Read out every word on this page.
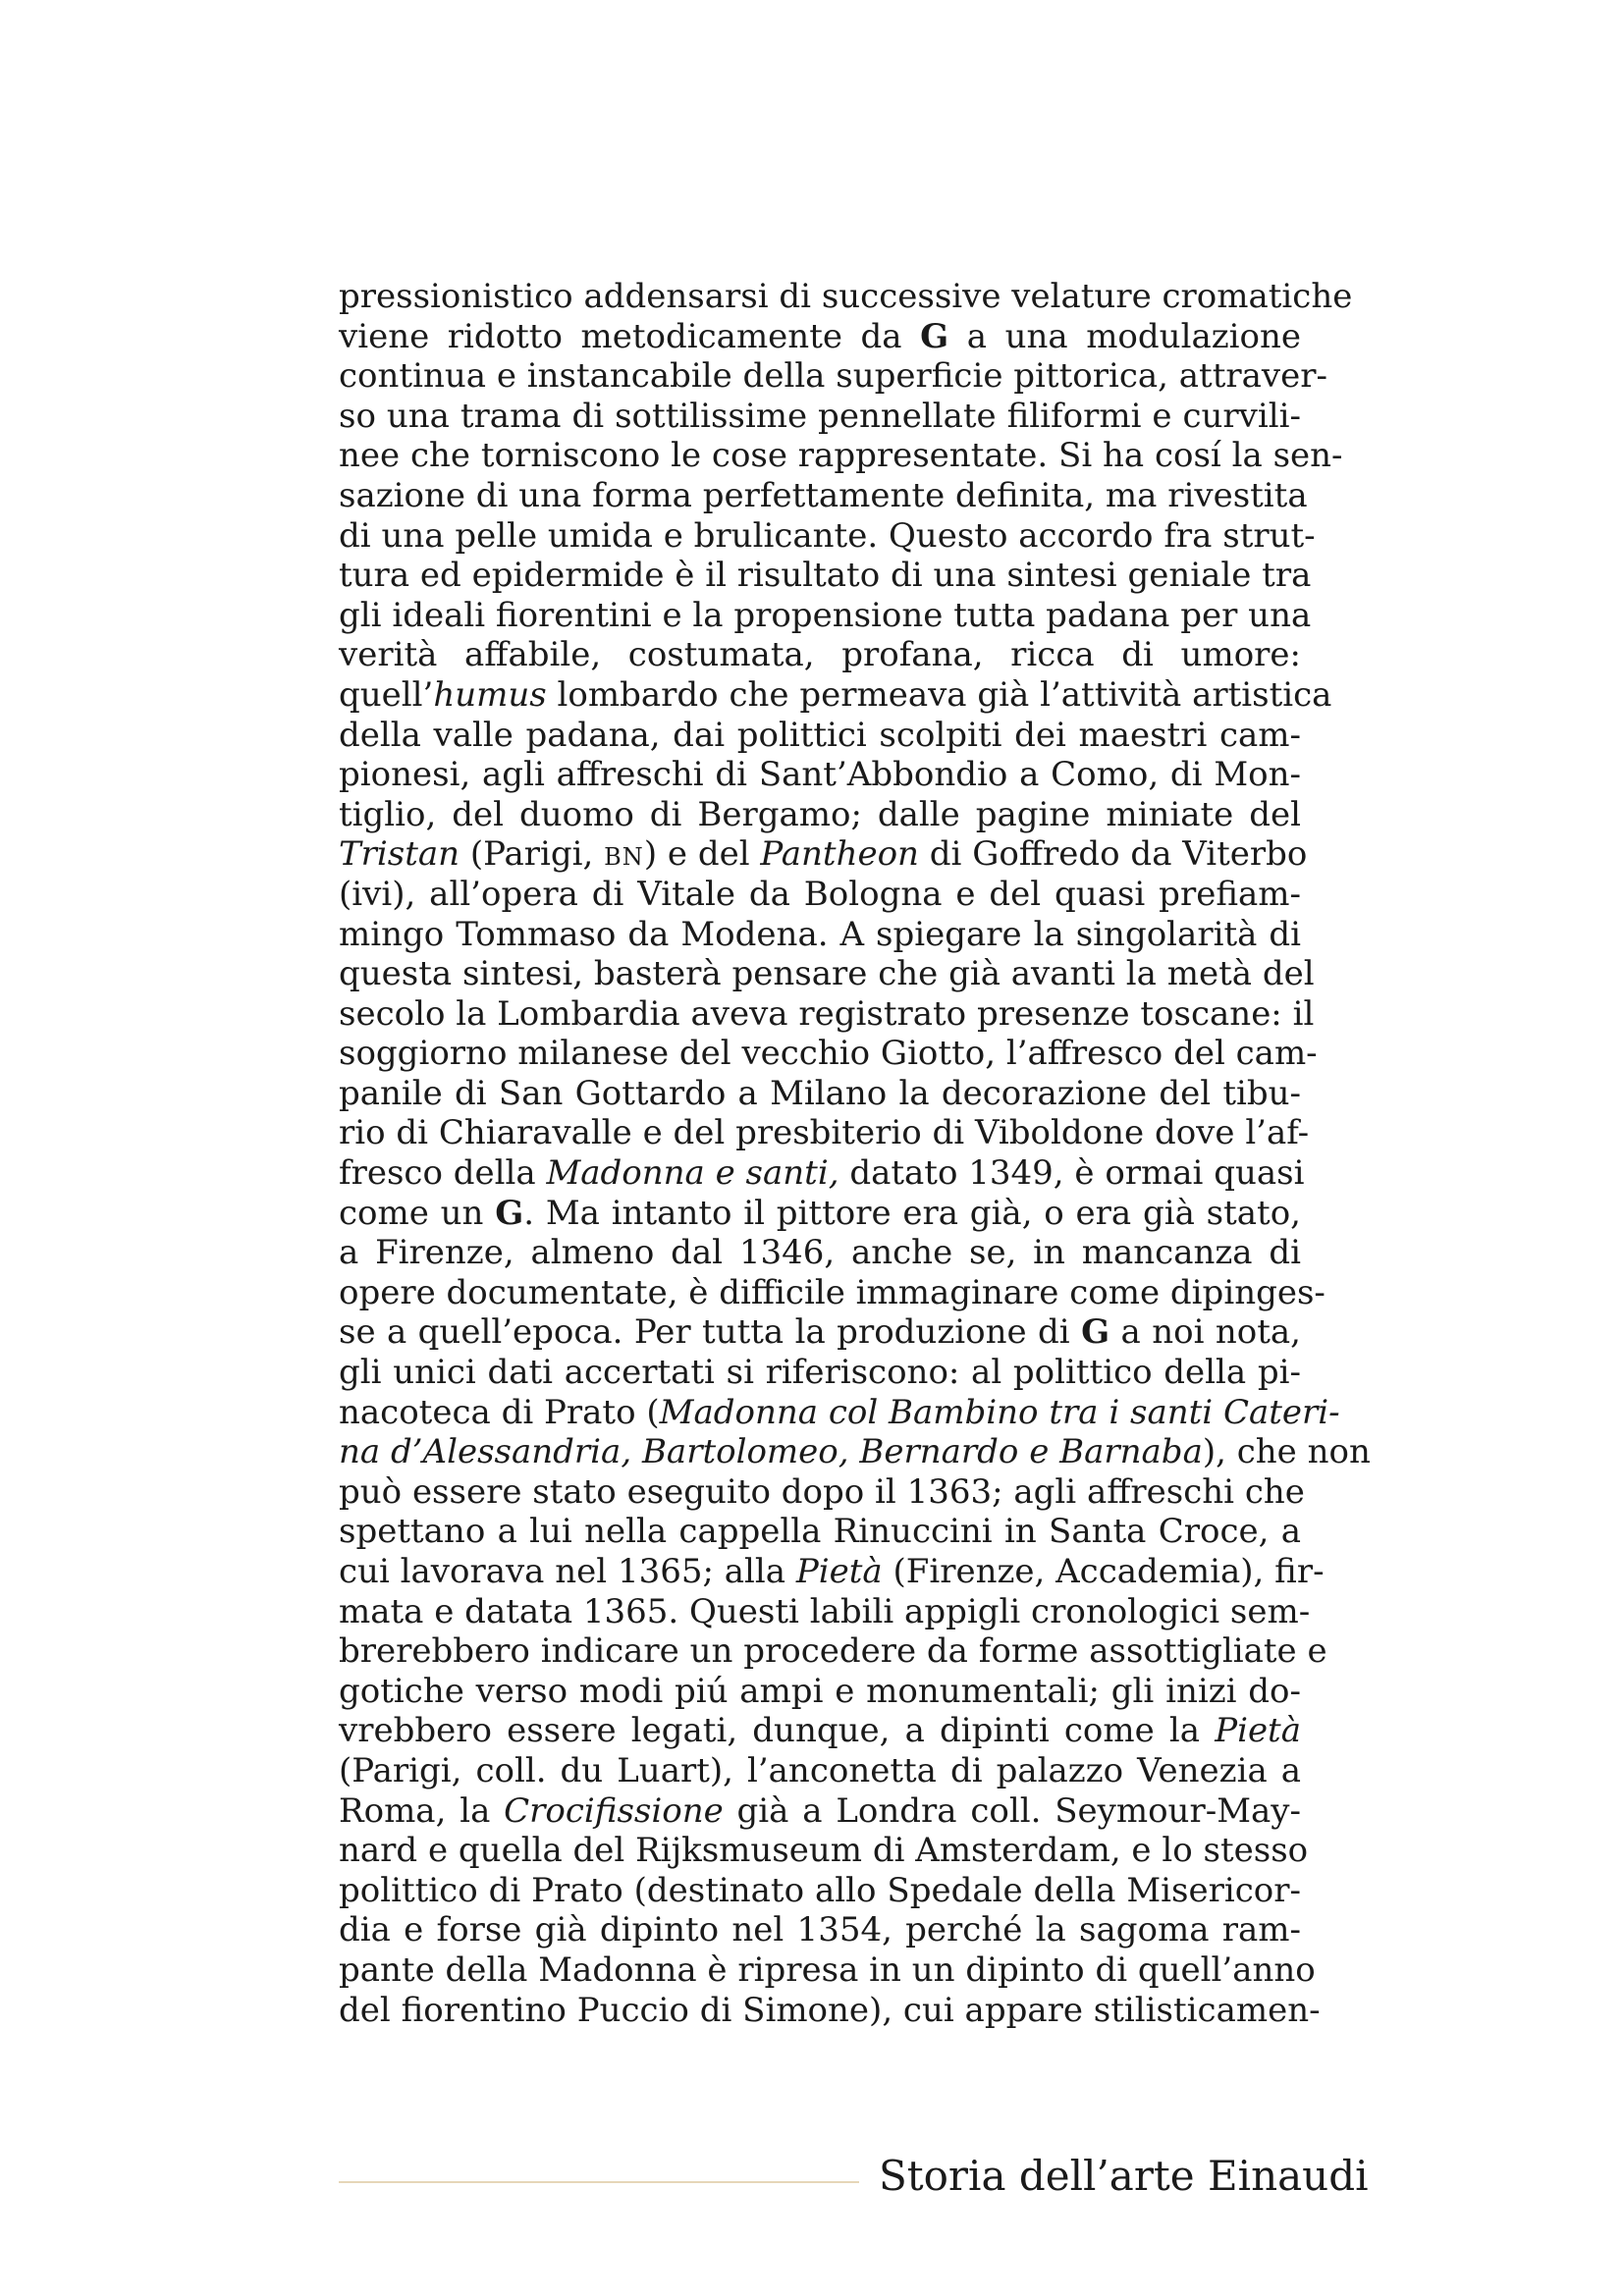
pressionistico addensarsi di successive velature cromatiche
viene ridotto metodicamente da G a una modulazione
continua e instancabile della superficie pittorica, attraver-
so una trama di sottilissime pennellate filiformi e curvili-
nee che torniscono le cose rappresentate. Si ha cosí la sen-
sazione di una forma perfettamente definita, ma rivestita
di una pelle umida e brulicante. Questo accordo fra strut-
tura ed epidermide è il risultato di una sintesi geniale tra
gli ideali fiorentini e la propensione tutta padana per una
verità affabile, costumata, profana, ricca di umore:
quell’humus lombardo che permeava già l’attività artistica
della valle padana, dai polittici scolpiti dei maestri cam-
pionesi, agli affreschi di Sant’Abbondio a Como, di Mon-
tiglio, del duomo di Bergamo; dalle pagine miniate del
Tristan (Parigi, bn) e del Pantheon di Goffredo da Viterbo
(ivi), all’opera di Vitale da Bologna e del quasi prefiam-
mingo Tommaso da Modena. A spiegare la singolarità di
questa sintesi, basterà pensare che già avanti la metà del
secolo la Lombardia aveva registrato presenze toscane: il
soggiorno milanese del vecchio Giotto, l’affresco del cam-
panile di San Gottardo a Milano la decorazione del tibu-
rio di Chiaravalle e del presbiterio di Viboldone dove l’af-
fresco della Madonna e santi, datato 1349, è ormai quasi
come un G. Ma intanto il pittore era già, o era già stato,
a Firenze, almeno dal 1346, anche se, in mancanza di
opere documentate, è difficile immaginare come dipinges-
se a quell’epoca. Per tutta la produzione di G a noi nota,
gli unici dati accertati si riferiscono: al polittico della pi-
nacoteca di Prato (Madonna col Bambino tra i santi Cateri-
na d’Alessandria, Bartolomeo, Bernardo e Barnaba), che non
può essere stato eseguito dopo il 1363; agli affreschi che
spettano a lui nella cappella Rinuccini in Santa Croce, a
cui lavorava nel 1365; alla Pietà (Firenze, Accademia), fir-
mata e datata 1365. Questi labili appigli cronologici sem-
brerebbero indicare un procedere da forme assottigliate e
gotiche verso modi piú ampi e monumentali; gli inizi do-
vrebbero essere legati, dunque, a dipinti come la Pietà
(Parigi, coll. du Luart), l’anconetta di palazzo Venezia a
Roma, la Crocifissione già a Londra coll. Seymour-May-
nard e quella del Rijksmuseum di Amsterdam, e lo stesso
polittico di Prato (destinato allo Spedale della Misericor-
dia e forse già dipinto nel 1354, perché la sagoma ram-
pante della Madonna è ripresa in un dipinto di quell’anno
del fiorentino Puccio di Simone), cui appare stilisticamen-
Storia dell’arte Einaudi
